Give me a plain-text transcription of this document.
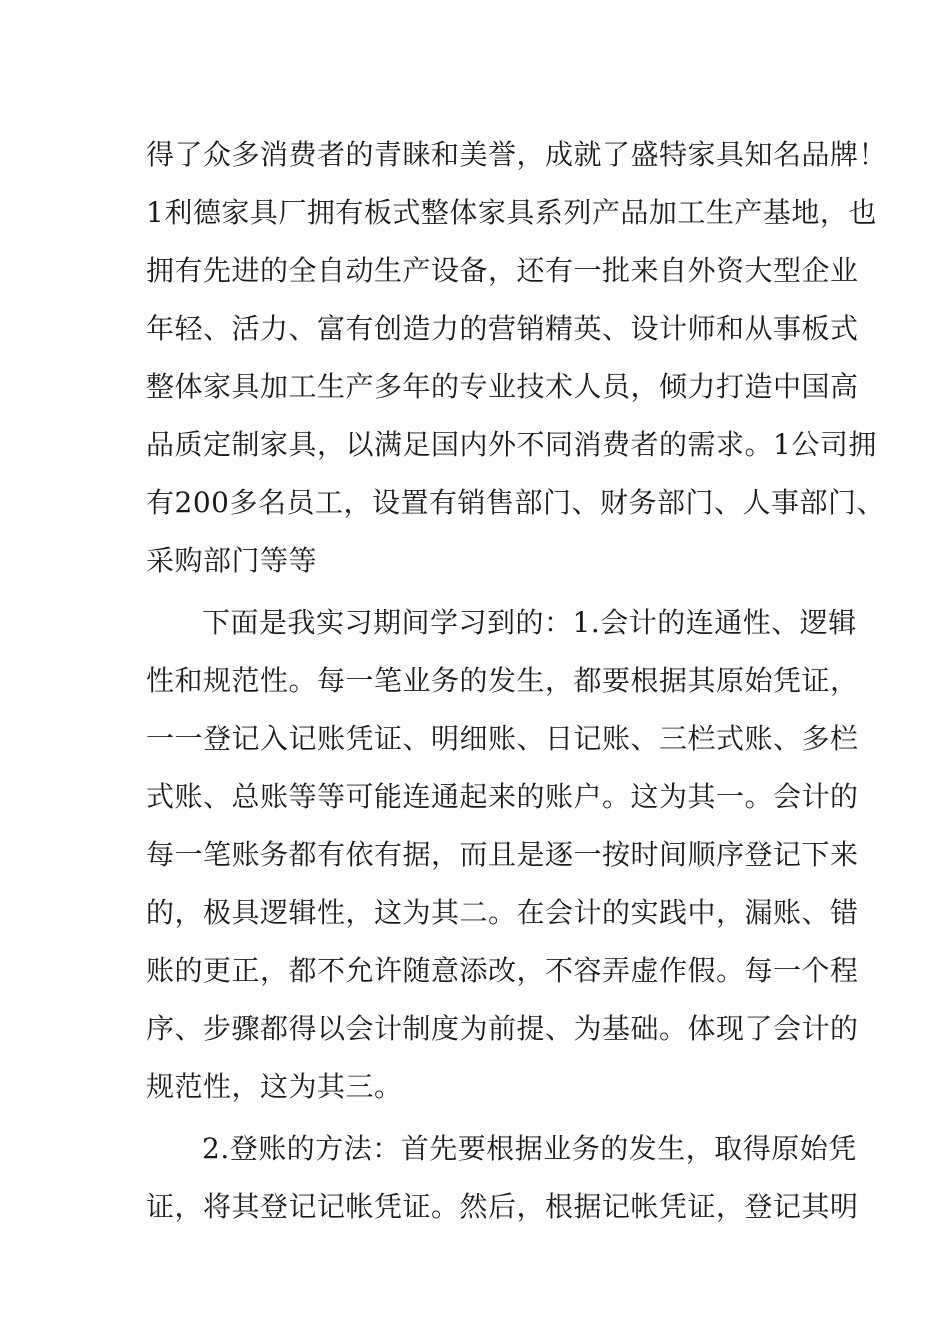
得了众多消费者的青睐和美誉，成就了盛特家具知名品牌！
1利德家具厂拥有板式整体家具系列产品加工生产基地，也
拥有先进的全自动生产设备，还有一批来自外资大型企业
年轻、活力、富有创造力的营销精英、设计师和从事板式
整体家具加工生产多年的专业技术人员，倾力打造中国高
品质定制家具，以满足国内外不同消费者的需求。1公司拥
有200多名员工，设置有销售部门、财务部门、人事部门、
采购部门等等
下面是我实习期间学习到的：1.会计的连通性、逻辑
性和规范性。每一笔业务的发生，都要根据其原始凭证，
一一登记入记账凭证、明细账、日记账、三栏式账、多栏
式账、总账等等可能连通起来的账户。这为其一。会计的
每一笔账务都有依有据，而且是逐一按时间顺序登记下来
的，极具逻辑性，这为其二。在会计的实践中，漏账、错
账的更正，都不允许随意添改，不容弄虚作假。每一个程
序、步骤都得以会计制度为前提、为基础。体现了会计的
规范性，这为其三。
2.登账的方法：首先要根据业务的发生，取得原始凭
证，将其登记记帐凭证。然后，根据记帐凭证，登记其明
